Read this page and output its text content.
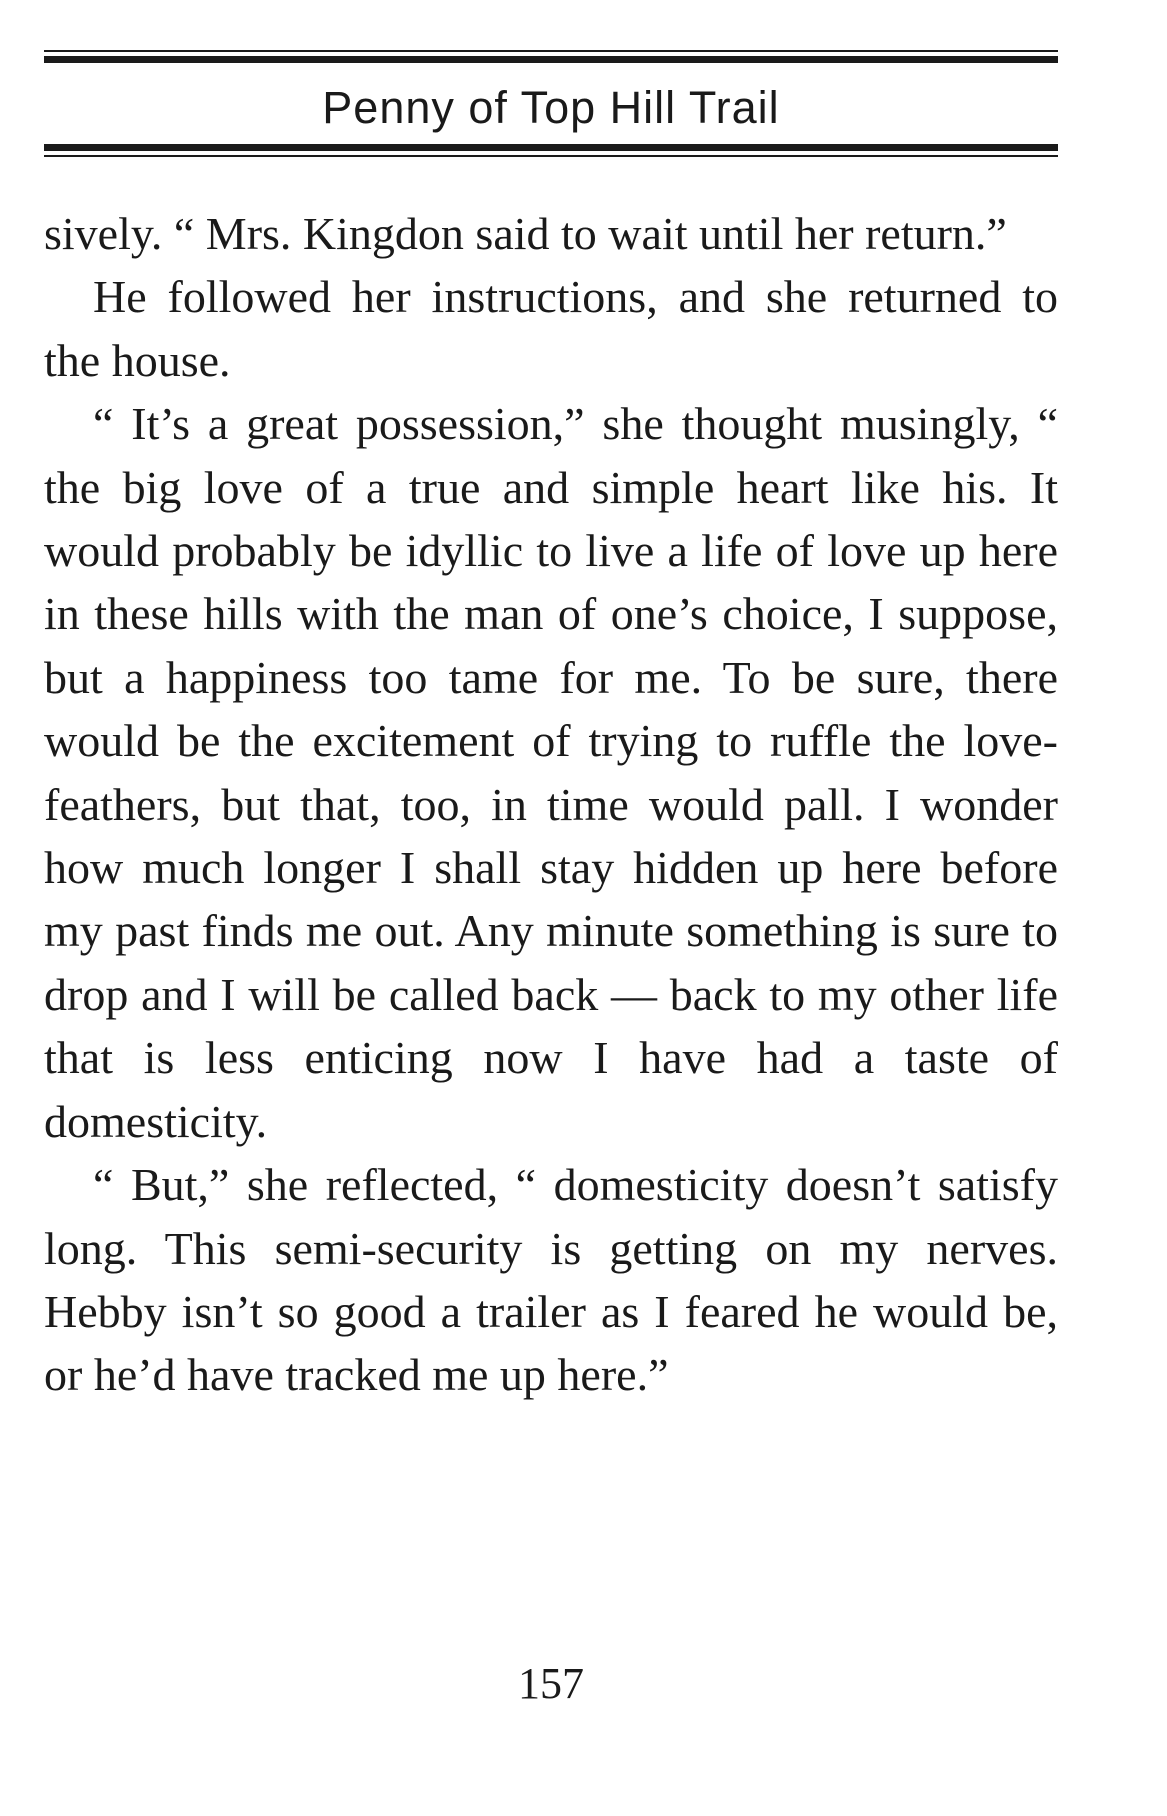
Penny of Top Hill Trail

sively. “ Mrs. Kingdon said to wait until her return.”

He followed her instructions, and she returned to the house.

“ It’s a great possession,” she thought musingly, “ the big love of a true and simple heart like his. It would probably be idyllic to live a life of love up here in these hills with the man of one’s choice, I suppose, but a happiness too tame for me. To be sure, there would be the excitement of trying to ruffle the love-feathers, but that, too, in time would pall. I wonder how much longer I shall stay hidden up here before my past finds me out. Any minute something is sure to drop and I will be called back — back to my other life that is less enticing now I have had a taste of domesticity.

“ But,” she reflected, “ domesticity doesn’t satisfy long. This semi-security is getting on my nerves. Hebby isn’t so good a trailer as I feared he would be, or he’d have tracked me up here.”

157
